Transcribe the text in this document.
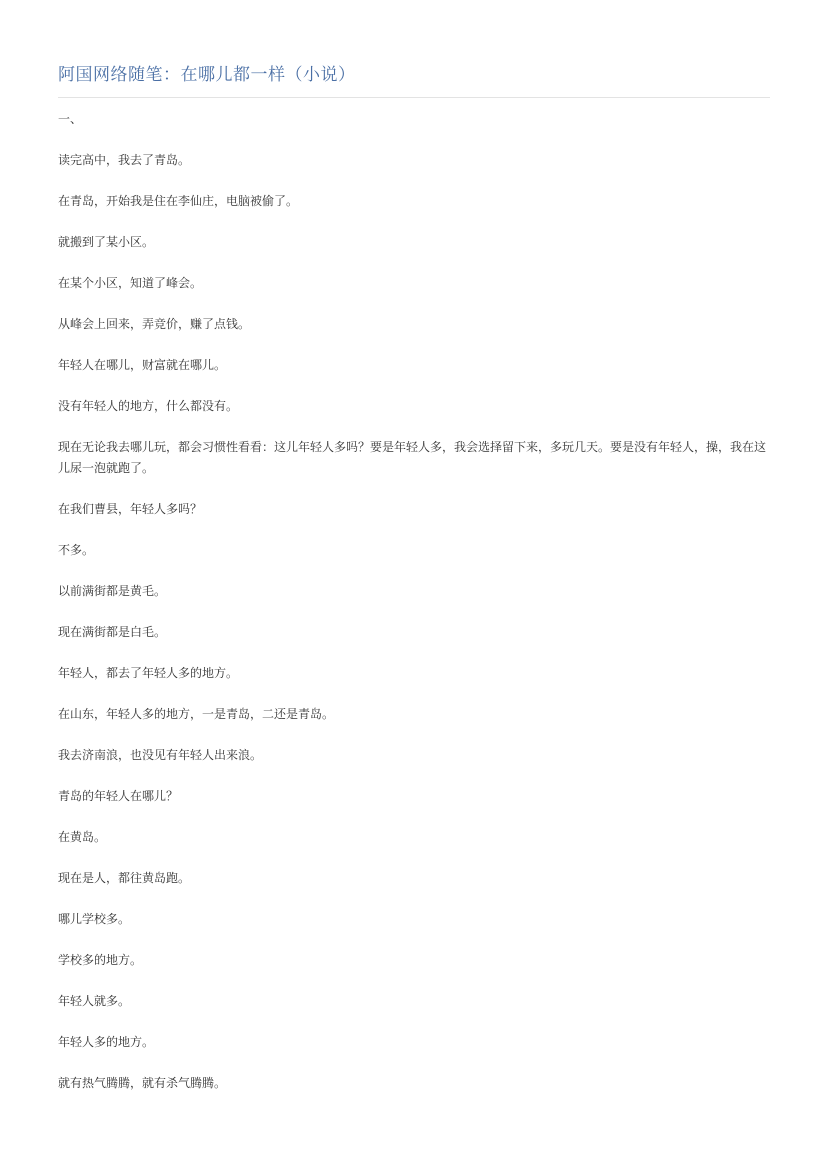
阿国网络随笔：在哪儿都一样（小说）

一、

读完高中，我去了青岛。

在青岛，开始我是住在李仙庄，电脑被偷了。

就搬到了某小区。

在某个小区，知道了峰会。

从峰会上回来，弄竞价，赚了点钱。

年轻人在哪儿，财富就在哪儿。

没有年轻人的地方，什么都没有。

现在无论我去哪儿玩，都会习惯性看看：这儿年轻人多吗？要是年轻人多，我会选择留下来，多玩几天。要是没有年轻人，操，我在这儿尿一泡就跑了。

在我们曹县，年轻人多吗？

不多。

以前满街都是黄毛。

现在满街都是白毛。

年轻人，都去了年轻人多的地方。

在山东，年轻人多的地方，一是青岛，二还是青岛。

我去济南浪，也没见有年轻人出来浪。

青岛的年轻人在哪儿？

在黄岛。

现在是人，都往黄岛跑。

哪儿学校多。

学校多的地方。

年轻人就多。

年轻人多的地方。

就有热气腾腾，就有杀气腾腾。
